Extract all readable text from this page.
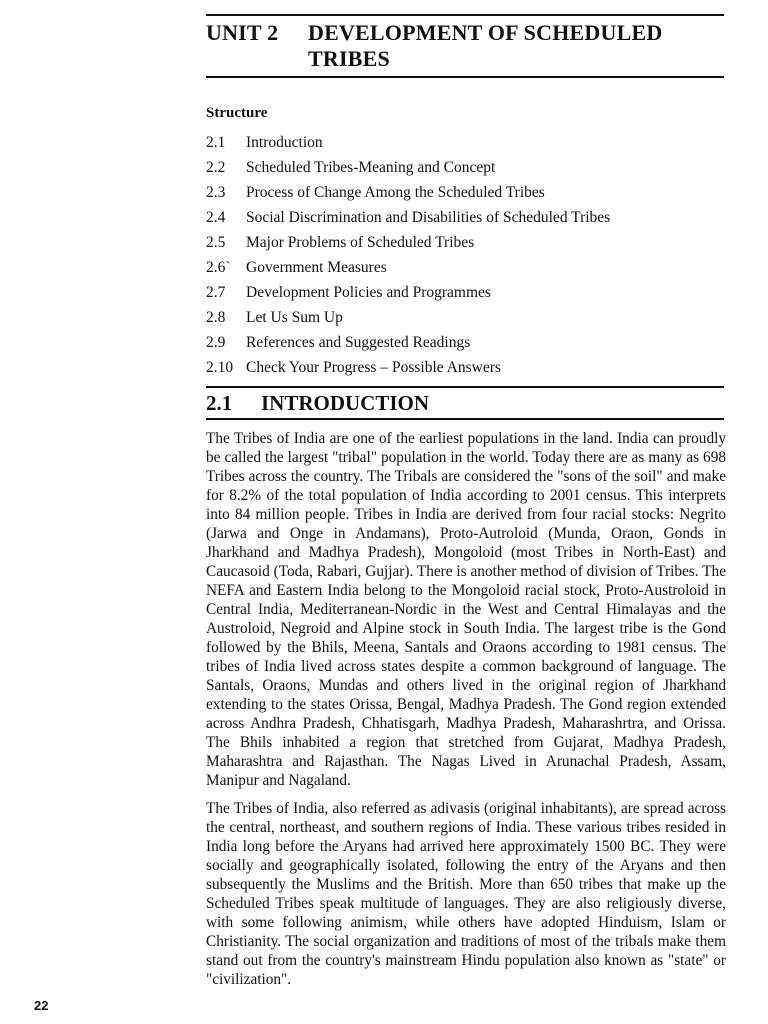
UNIT 2	DEVELOPMENT OF SCHEDULED TRIBES
Structure
2.1	Introduction
2.2	Scheduled Tribes-Meaning and Concept
2.3	Process of Change Among the Scheduled Tribes
2.4	Social Discrimination and Disabilities of Scheduled Tribes
2.5	Major Problems of Scheduled Tribes
2.6` Government Measures
2.7	Development Policies and Programmes
2.8	Let Us Sum Up
2.9	References and Suggested Readings
2.10 Check Your Progress – Possible Answers
2.1	INTRODUCTION

The Tribes of India are one of the earliest populations in the land. India can proudly be called the largest "tribal" population in the world. Today there are as many as 698 Tribes across the country. The Tribals are considered the "sons of the soil" and make for 8.2% of the total population of India according to 2001 census. This interprets into 84 million people. Tribes in India are derived from four racial stocks: Negrito (Jarwa and Onge in Andamans), Proto-Autroloid (Munda, Oraon, Gonds in Jharkhand and Madhya Pradesh), Mongoloid (most Tribes in North-East) and Caucasoid (Toda, Rabari, Gujjar). There is another method of division of Tribes. The NEFA and Eastern India belong to the Mongoloid racial stock, Proto-Austroloid in Central India, Mediterranean-Nordic in the West and Central Himalayas and the Austroloid, Negroid and Alpine stock in South India. The largest tribe is the Gond followed by the Bhils, Meena, Santals and Oraons according to 1981 census. The tribes of India lived across states despite a common background of language. The Santals, Oraons, Mundas and others lived in the original region of Jharkhand extending to the states Orissa, Bengal, Madhya Pradesh. The Gond region extended across Andhra Pradesh, Chhatisgarh, Madhya Pradesh, Maharashrtra, and Orissa. The Bhils inhabited a region that stretched from Gujarat, Madhya Pradesh, Maharashtra and Rajasthan. The Nagas Lived in Arunachal Pradesh, Assam, Manipur and Nagaland.

The Tribes of India, also referred as adivasis (original inhabitants), are spread across the central, northeast, and southern regions of India. These various tribes resided in India long before the Aryans had arrived here approximately 1500 BC. They were socially and geographically isolated, following the entry of the Aryans and then subsequently the Muslims and the British. More than 650 tribes that make up the Scheduled Tribes speak multitude of languages. They are also religiously diverse, with some following animism, while others have adopted Hinduism, Islam or Christianity. The social organization and traditions of most of the tribals make them stand out from the country's mainstream Hindu population also known as "state" or "civilization".

22
